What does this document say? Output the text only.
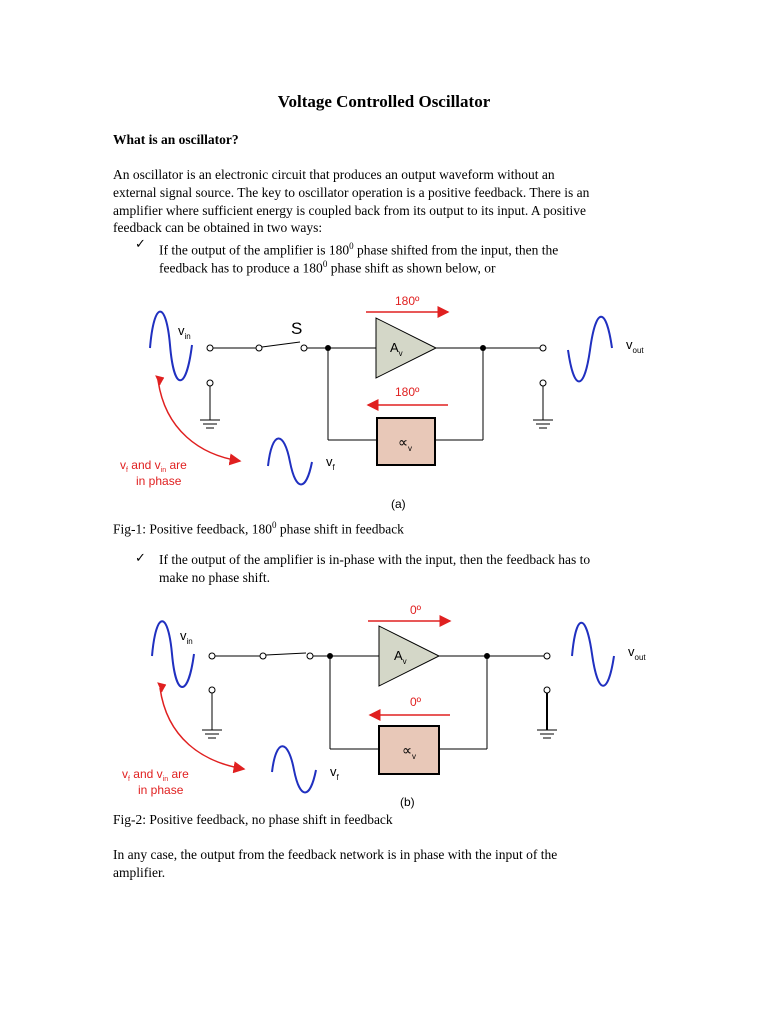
Voltage Controlled Oscillator
What is an oscillator?
An oscillator is an electronic circuit that produces an output waveform without an
external signal source. The key to oscillator operation is a positive feedback. There is an
amplifier where sufficient energy is coupled back from its output to its input. A positive
feedback can be obtained in two ways:
✓ If the output of the amplifier is $180^0$ phase shifted from the input, then the
feedback has to produce a $180^0$ phase shift as shown below, or
$v_{in}$	S
$A_v$
$v_{out}$
$\propto_v$
180º
180º
$v_f$
$v_f$ and $v_{in}$ are
in phase
(a)
Fig-1: Positive feedback, $180^0$ phase shift in feedback
✓ If the output of the amplifier is in-phase with the input, then the feedback has to
make no phase shift.
$v_{in}$
$A_v$
$v_{out}$
$\propto_v$
0º
0º
$v_f$
$v_f$ and $v_{in}$ are
in phase
(b)
Fig-2: Positive feedback, no phase shift in feedback
In any case, the output from the feedback network is in phase with the input of the
amplifier.
